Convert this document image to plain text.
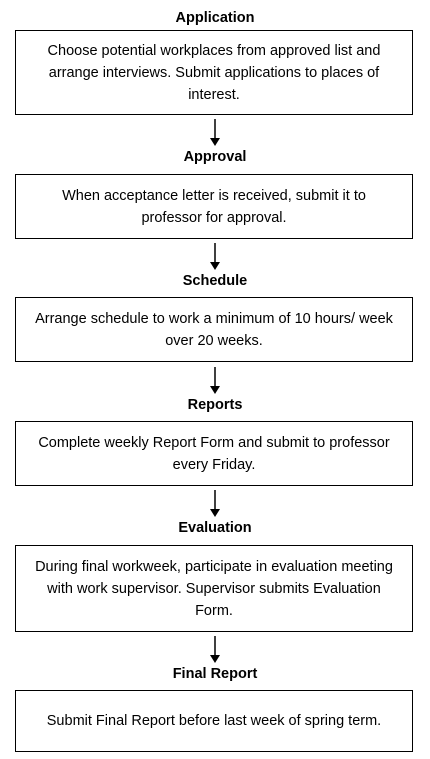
Application
Choose potential workplaces from approved list and arrange interviews. Submit applications to places of interest.
Approval
When acceptance letter is received, submit it to professor for approval.
Schedule
Arrange schedule to work a minimum of 10 hours/ week over 20 weeks.
Reports
Complete weekly Report Form and submit to professor every Friday.
Evaluation
During final workweek, participate in evaluation meeting with work supervisor. Supervisor submits Evaluation Form.
Final Report
Submit Final Report before last week of spring term.
